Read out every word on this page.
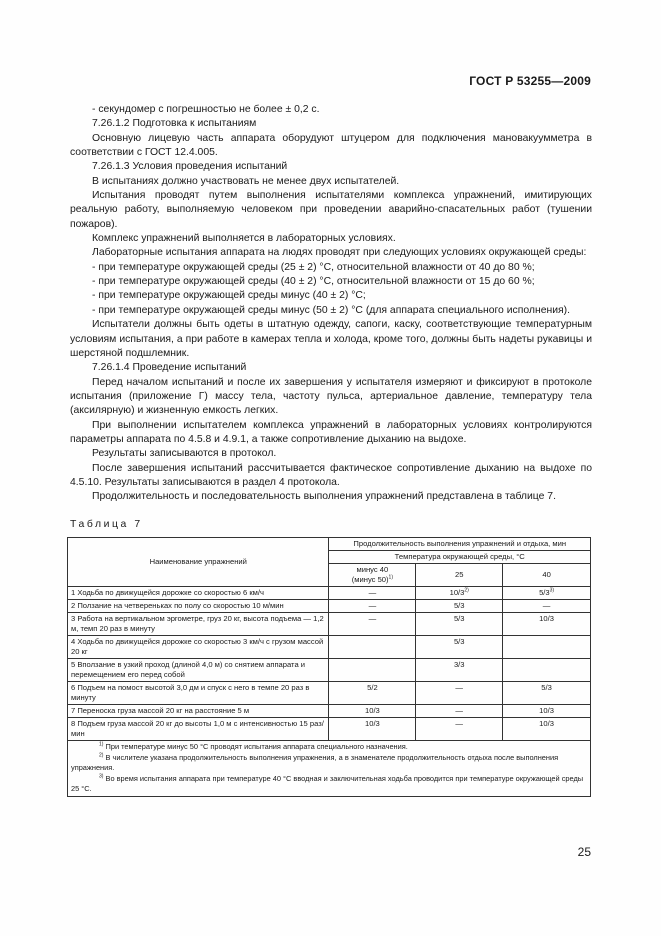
ГОСТ Р 53255—2009

- секундомер с погрешностью не более ± 0,2 с.

7.26.1.2 Подготовка к испытаниям

Основную лицевую часть аппарата оборудуют штуцером для подключения мановакуумметра в соответствии с ГОСТ 12.4.005.

7.26.1.3 Условия проведения испытаний

В испытаниях должно участвовать не менее двух испытателей.

Испытания проводят путем выполнения испытателями комплекса упражнений, имитирующих реальную работу, выполняемую человеком при проведении аварийно-спасательных работ (тушении пожаров).

Комплекс упражнений выполняется в лабораторных условиях.

Лабораторные испытания аппарата на людях проводят при следующих условиях окружающей среды:

- при температуре окружающей среды (25 ± 2) °С, относительной влажности от 40 до 80 %;

- при температуре окружающей среды (40 ± 2) °С, относительной влажности от 15 до 60 %;

- при температуре окружающей среды минус (40 ± 2) °С;

- при температуре окружающей среды минус (50 ± 2) °С (для аппарата специального исполнения).

Испытатели должны быть одеты в штатную одежду, сапоги, каску, соответствующие температурным условиям испытания, а при работе в камерах тепла и холода, кроме того, должны быть надеты рукавицы и шерстяной подшлемник.

7.26.1.4 Проведение испытаний

Перед началом испытаний и после их завершения у испытателя измеряют и фиксируют в протоколе испытания (приложение Г) массу тела, частоту пульса, артериальное давление, температуру тела (аксилярную) и жизненную емкость легких.

При выполнении испытателем комплекса упражнений в лабораторных условиях контролируются параметры аппарата по 4.5.8 и 4.9.1, а также сопротивление дыханию на выдохе.

Результаты записываются в протокол.

После завершения испытаний рассчитывается фактическое сопротивление дыханию на выдохе по 4.5.10. Результаты записываются в раздел 4 протокола.

Продолжительность и последовательность выполнения упражнений представлена в таблице 7.

Таблица 7
Наименование упражнений	Продолжительность выполнения упражнений и отдыха, мин		
	Температура окружающей среды, °С		

	минус 40
(минус 50)$^{1)}$	25	40
1 Ходьба по движущейся дорожке со скоростью 6 км/ч	—	10/3$^{2)}$	5/3$^{3)}$
2 Ползание на четвереньках по полу со скоростью 10 м/мин	—	5/3	—
3 Работа на вертикальном эргометре, груз 20 кг, высота подъема — 1,2 м, темп 20 раз в минуту	—	5/3	10/3
4 Ходьба по движущейся дорожке со скоростью 3 км/ч с грузом массой 20 кг		5/3	
5 Вползание в узкий проход (длиной 4,0 м) со снятием аппарата и перемещением его перед собой		3/3	
6 Подъем на помост высотой 3,0 дм и спуск с него в темпе 20 раз в минуту	5/2	—	5/3
7 Переноска груза массой 20 кг на расстояние 5 м	10/3	—	10/3
8 Подъем груза массой 20 кг до высоты 1,0 м с интенсивностью 15 раз/мин	10/3	—	10/3

$^{1)}$ При температуре минус 50 °С проводят испытания аппарата специального назначения.
$^{2)}$ В числителе указана продолжительность выполнения упражнения, а в знаменателе продолжительность отдыха после выполнения упражнения.
$^{3)}$ Во время испытания аппарата при температуре 40 °С вводная и заключительная ходьба проводится при температуре окружающей среды 25 °С.			
25
